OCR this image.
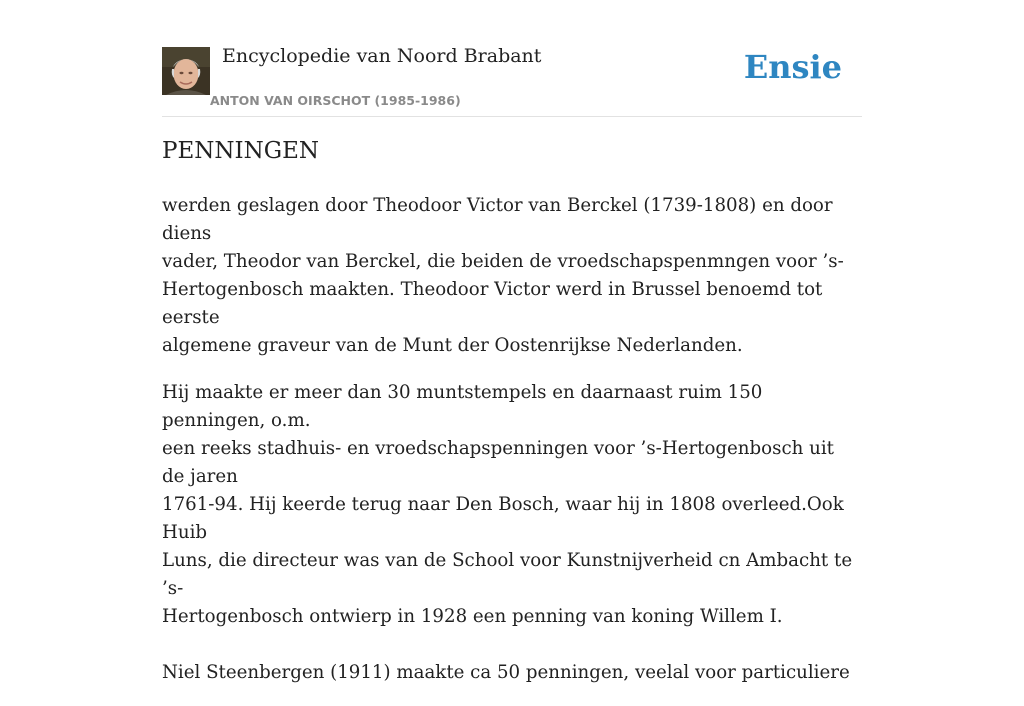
Encyclopedie van Noord Brabant
ANTON VAN OIRSCHOT (1985-1986)
Ensie
PENNINGEN

werden geslagen door Theodoor Victor van Berckel (1739-1808) en door diens
vader, Theodor van Berckel, die beiden de vroedschapspenmngen voor ’s-
Hertogenbosch maakten. Theodoor Victor werd in Brussel benoemd tot eerste
algemene graveur van de Munt der Oostenrijkse Nederlanden.

Hij maakte er meer dan 30 muntstempels en daarnaast ruim 150 penningen, o.m.
een reeks stadhuis- en vroedschapspenningen voor ’s-Hertogenbosch uit de jaren
1761-94. Hij keerde terug naar Den Bosch, waar hij in 1808 overleed.Ook Huib
Luns, die directeur was van de School voor Kunstnijverheid cn Ambacht te ’s-
Hertogenbosch ontwierp in 1928 een penning van koning Willem I.

Niel Steenbergen (1911) maakte ca 50 penningen, veelal voor particuliere
